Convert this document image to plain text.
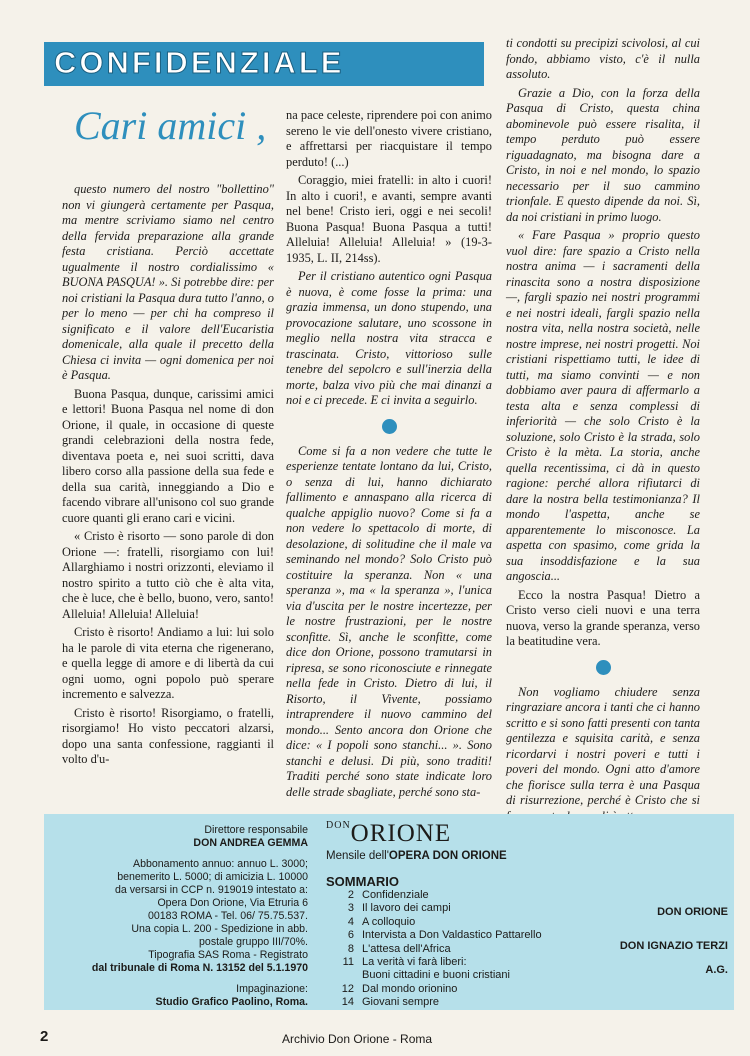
CONFIDENZIALE
Cari amici ,

questo numero del nostro "bollettino" non vi giungerà certamente per Pasqua, ma mentre scriviamo siamo nel centro della fervida preparazione alla grande festa cristiana. Perciò accettate ugualmente il nostro cordialissimo « BUONA PASQUA! ». Si potrebbe dire: per noi cristiani la Pasqua dura tutto l'anno, o per lo meno — per chi ha compreso il significato e il valore dell'Eucaristia domenicale, alla quale il precetto della Chiesa ci invita — ogni domenica per noi è Pasqua.

Buona Pasqua, dunque, carissimi amici e lettori! Buona Pasqua nel nome di don Orione, il quale, in occasione di queste grandi celebrazioni della nostra fede, diventava poeta e, nei suoi scritti, dava libero corso alla passione della sua fede e della sua carità, inneggiando a Dio e facendo vibrare all'unisono col suo grande cuore quanti gli erano cari e vicini.

« Cristo è risorto — sono parole di don Orione —: fratelli, risorgiamo con lui! Allarghiamo i nostri orizzonti, eleviamo il nostro spirito a tutto ciò che è alta vita, che è luce, che è bello, buono, vero, santo! Alleluia! Alleluia! Alleluia!

Cristo è risorto! Andiamo a lui: lui solo ha le parole di vita eterna che rigenerano, e quella legge di amore e di libertà da cui ogni uomo, ogni popolo può sperare incremento e salvezza.

Cristo è risorto! Risorgiamo, o fratelli, risorgiamo! Ho visto peccatori alzarsi, dopo una santa confessione, raggianti il volto d'u-

na pace celeste, riprendere poi con animo sereno le vie dell'onesto vivere cristiano, e affrettarsi per riacquistare il tempo perduto! (...)

Coraggio, miei fratelli: in alto i cuori! In alto i cuori!, e avanti, sempre avanti nel bene! Cristo ieri, oggi e nei secoli! Buona Pasqua! Buona Pasqua a tutti! Alleluia! Alleluia! Alleluia! » (19-3-1935, L. II, 214ss).

Per il cristiano autentico ogni Pasqua è nuova, è come fosse la prima: una grazia immensa, un dono stupendo, una provocazione salutare, uno scossone in meglio nella nostra vita stracca e trascinata. Cristo, vittorioso sulle tenebre del sepolcro e sull'inerzia della morte, balza vivo più che mai dinanzi a noi e ci precede. E ci invita a seguirlo.

Come si fa a non vedere che tutte le esperienze tentate lontano da lui, Cristo, o senza di lui, hanno dichiarato fallimento e annaspano alla ricerca di qualche appiglio nuovo? Come si fa a non vedere lo spettacolo di morte, di desolazione, di solitudine che il male va seminando nel mondo? Solo Cristo può costituire la speranza. Non « una speranza », ma « la speranza », l'unica via d'uscita per le nostre incertezze, per le nostre frustrazioni, per le nostre sconfitte. Sì, anche le sconfitte, come dice don Orione, possono tramutarsi in ripresa, se sono riconosciute e rinnegate nella fede in Cristo. Dietro di lui, il Risorto, il Vivente, possiamo intraprendere il nuovo cammino del mondo... Sento ancora don Orione che dice: « I popoli sono stanchi... ». Sono stanchi e delusi. Di più, sono traditi! Traditi perché sono state indicate loro delle strade sbagliate, perché sono sta-

ti condotti su precipizi scivolosi, al cui fondo, abbiamo visto, c'è il nulla assoluto.

Grazie a Dio, con la forza della Pasqua di Cristo, questa china abominevole può essere risalita, il tempo perduto può essere riguadagnato, ma bisogna dare a Cristo, in noi e nel mondo, lo spazio necessario per il suo cammino trionfale. E questo dipende da noi. Sì, da noi cristiani in primo luogo.

« Fare Pasqua » proprio questo vuol dire: fare spazio a Cristo nella nostra anima — i sacramenti della rinascita sono a nostra disposizione —, fargli spazio nei nostri programmi e nei nostri ideali, fargli spazio nella nostra vita, nella nostra società, nelle nostre imprese, nei nostri progetti. Noi cristiani rispettiamo tutti, le idee di tutti, ma siamo convinti — e non dobbiamo aver paura di affermarlo a testa alta e senza complessi di inferiorità — che solo Cristo è la soluzione, solo Cristo è la strada, solo Cristo è la mèta. La storia, anche quella recentissima, ci dà in questo ragione: perché allora rifiutarci di dare la nostra bella testimonianza? Il mondo l'aspetta, anche se apparentemente lo misconosce. La aspetta con spasimo, come grida la sua insoddisfazione e la sua angoscia...

Ecco la nostra Pasqua! Dietro a Cristo verso cieli nuovi e una terra nuova, verso la grande speranza, verso la beatitudine vera.

Non vogliamo chiudere senza ringraziare ancora i tanti che ci hanno scritto e si sono fatti presenti con tanta gentilezza e squisita carità, e senza ricordarvi i nostri poveri e tutti i poveri del mondo. Ogni atto d'amore che fiorisce sulla terra è una Pasqua di risurrezione, perché è Cristo che si

Direttore responsabile
DON ANDREA GEMMA
Abbonamento annuo: annuo L. 3000;
benemerito L. 5000; di amicizia L. 10000
da versarsi in CCP n. 919019 intestato a:
Opera Don Orione, Via Etruria 6
00183 ROMA - Tel. 06/ 75.75.537.
Una copia L. 200 - Spedizione in abb.
postale gruppo III/70%.
Tipografia SAS Roma - Registrato
dal tribunale di Roma N. 13152 del 5.1.1970
Impaginazione:
Studio Grafico Paolino, Roma.
$^{DON}$ORIONE
Mensile dell'OPERA DON ORIONE
SOMMARIO
2 Confidenziale
3 Il lavoro dei campi
4 A colloquio
6 Intervista a Don Valdastico Pattarello
8 L'attesa dell'Africa
11 La verità vi farà liberi:
Buoni cittadini e buoni cristiani
12 Dal mondo orionino
14 Giovani sempre
DON ORIONE
DON IGNAZIO TERZI
A.G.
2	Archivio Don Orione - Roma
